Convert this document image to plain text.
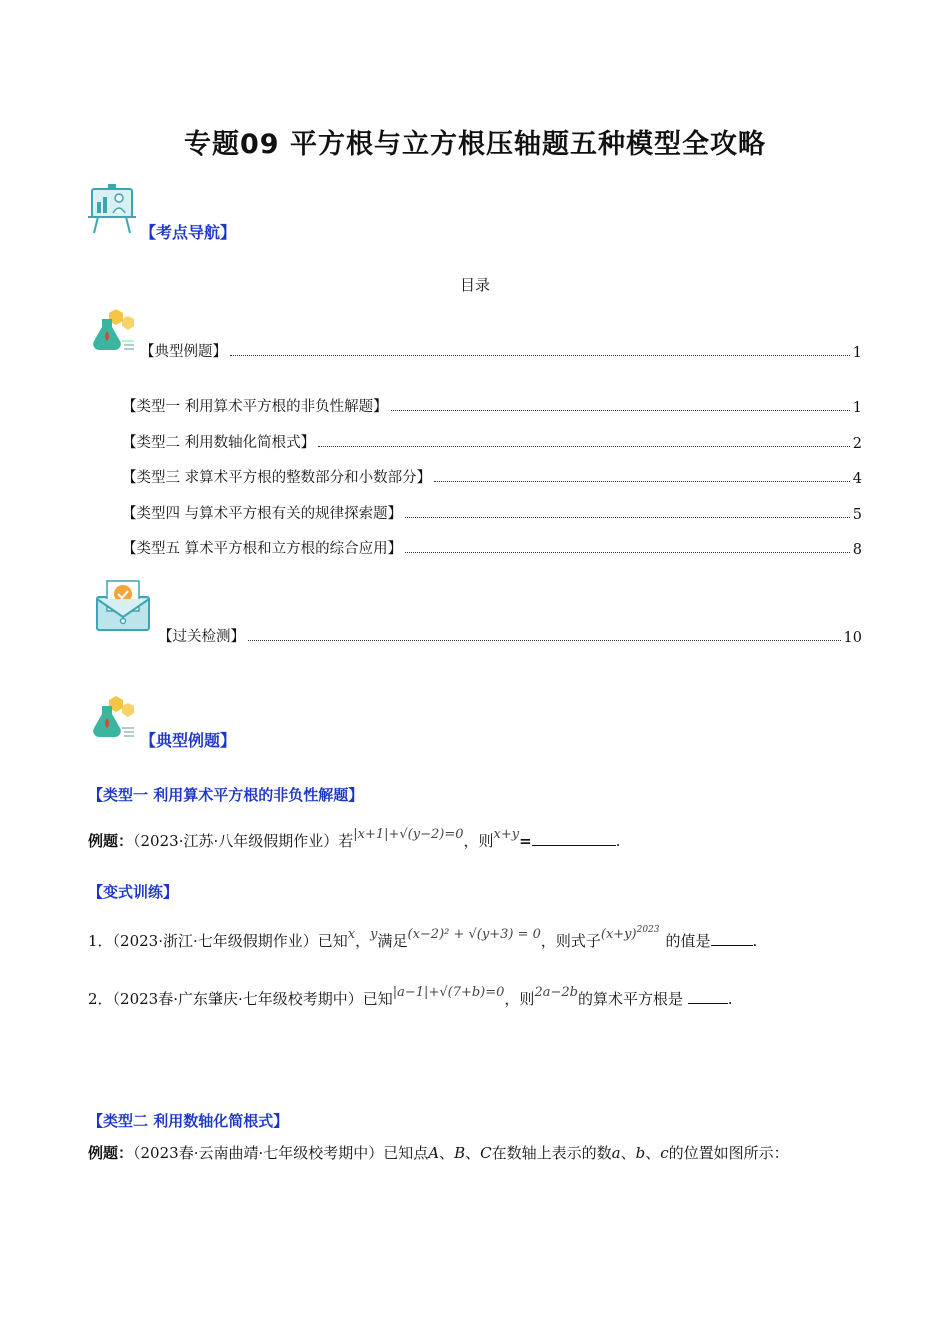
专题09 平方根与立方根压轴题五种模型全攻略
【考点导航】
目录
【典型例题】	1
【类型一 利用算术平方根的非负性解题】	1
【类型二 利用数轴化简根式】	2
【类型三 求算术平方根的整数部分和小数部分】	4
【类型四 与算术平方根有关的规律探索题】	5
【类型五 算术平方根和立方根的综合应用】	8
【过关检测】	10
【典型例题】
【类型一 利用算术平方根的非负性解题】
例题：（2023·江苏·八年级假期作业）若|x+1|+√(y−2)=0，则x+y=	.
【变式训练】
1．（2023·浙江·七年级假期作业）已知x，y满足(x−2)² + √(y+3) = 0，则式子$(x+y)^{2023}$的值是	.
2．（2023春·广东肇庆·七年级校考期中）已知|a−1|+√(7+b)=0，则2a−2b的算术平方根是	.
【类型二 利用数轴化简根式】
例题：（2023春·云南曲靖·七年级校考期中）已知点A、B、C在数轴上表示的数a、b、c的位置如图所示：
